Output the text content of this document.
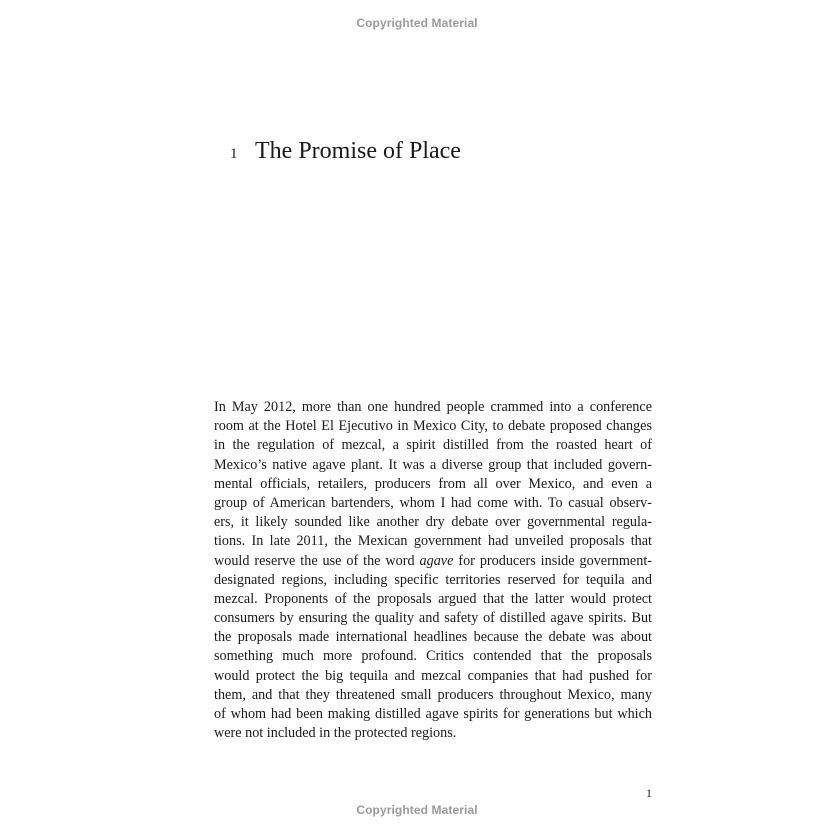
Copyrighted Material
1 The Promise of Place
In May 2012, more than one hundred people crammed into a conference
room at the Hotel El Ejecutivo in Mexico City, to debate proposed changes
in the regulation of mezcal, a spirit distilled from the roasted heart of
Mexico’s native agave plant. It was a diverse group that included govern-
mental officials, retailers, producers from all over Mexico, and even a
group of American bartenders, whom I had come with. To casual observ-
ers, it likely sounded like another dry debate over governmental regula-
tions. In late 2011, the Mexican government had unveiled proposals that
would reserve the use of the word agave for producers inside government-
designated regions, including specific territories reserved for tequila and
mezcal. Proponents of the proposals argued that the latter would protect
consumers by ensuring the quality and safety of distilled agave spirits. But
the proposals made international headlines because the debate was about
something much more profound. Critics contended that the proposals
would protect the big tequila and mezcal companies that had pushed for
them, and that they threatened small producers throughout Mexico, many
of whom had been making distilled agave spirits for generations but which
were not included in the protected regions.
1
Copyrighted Material
